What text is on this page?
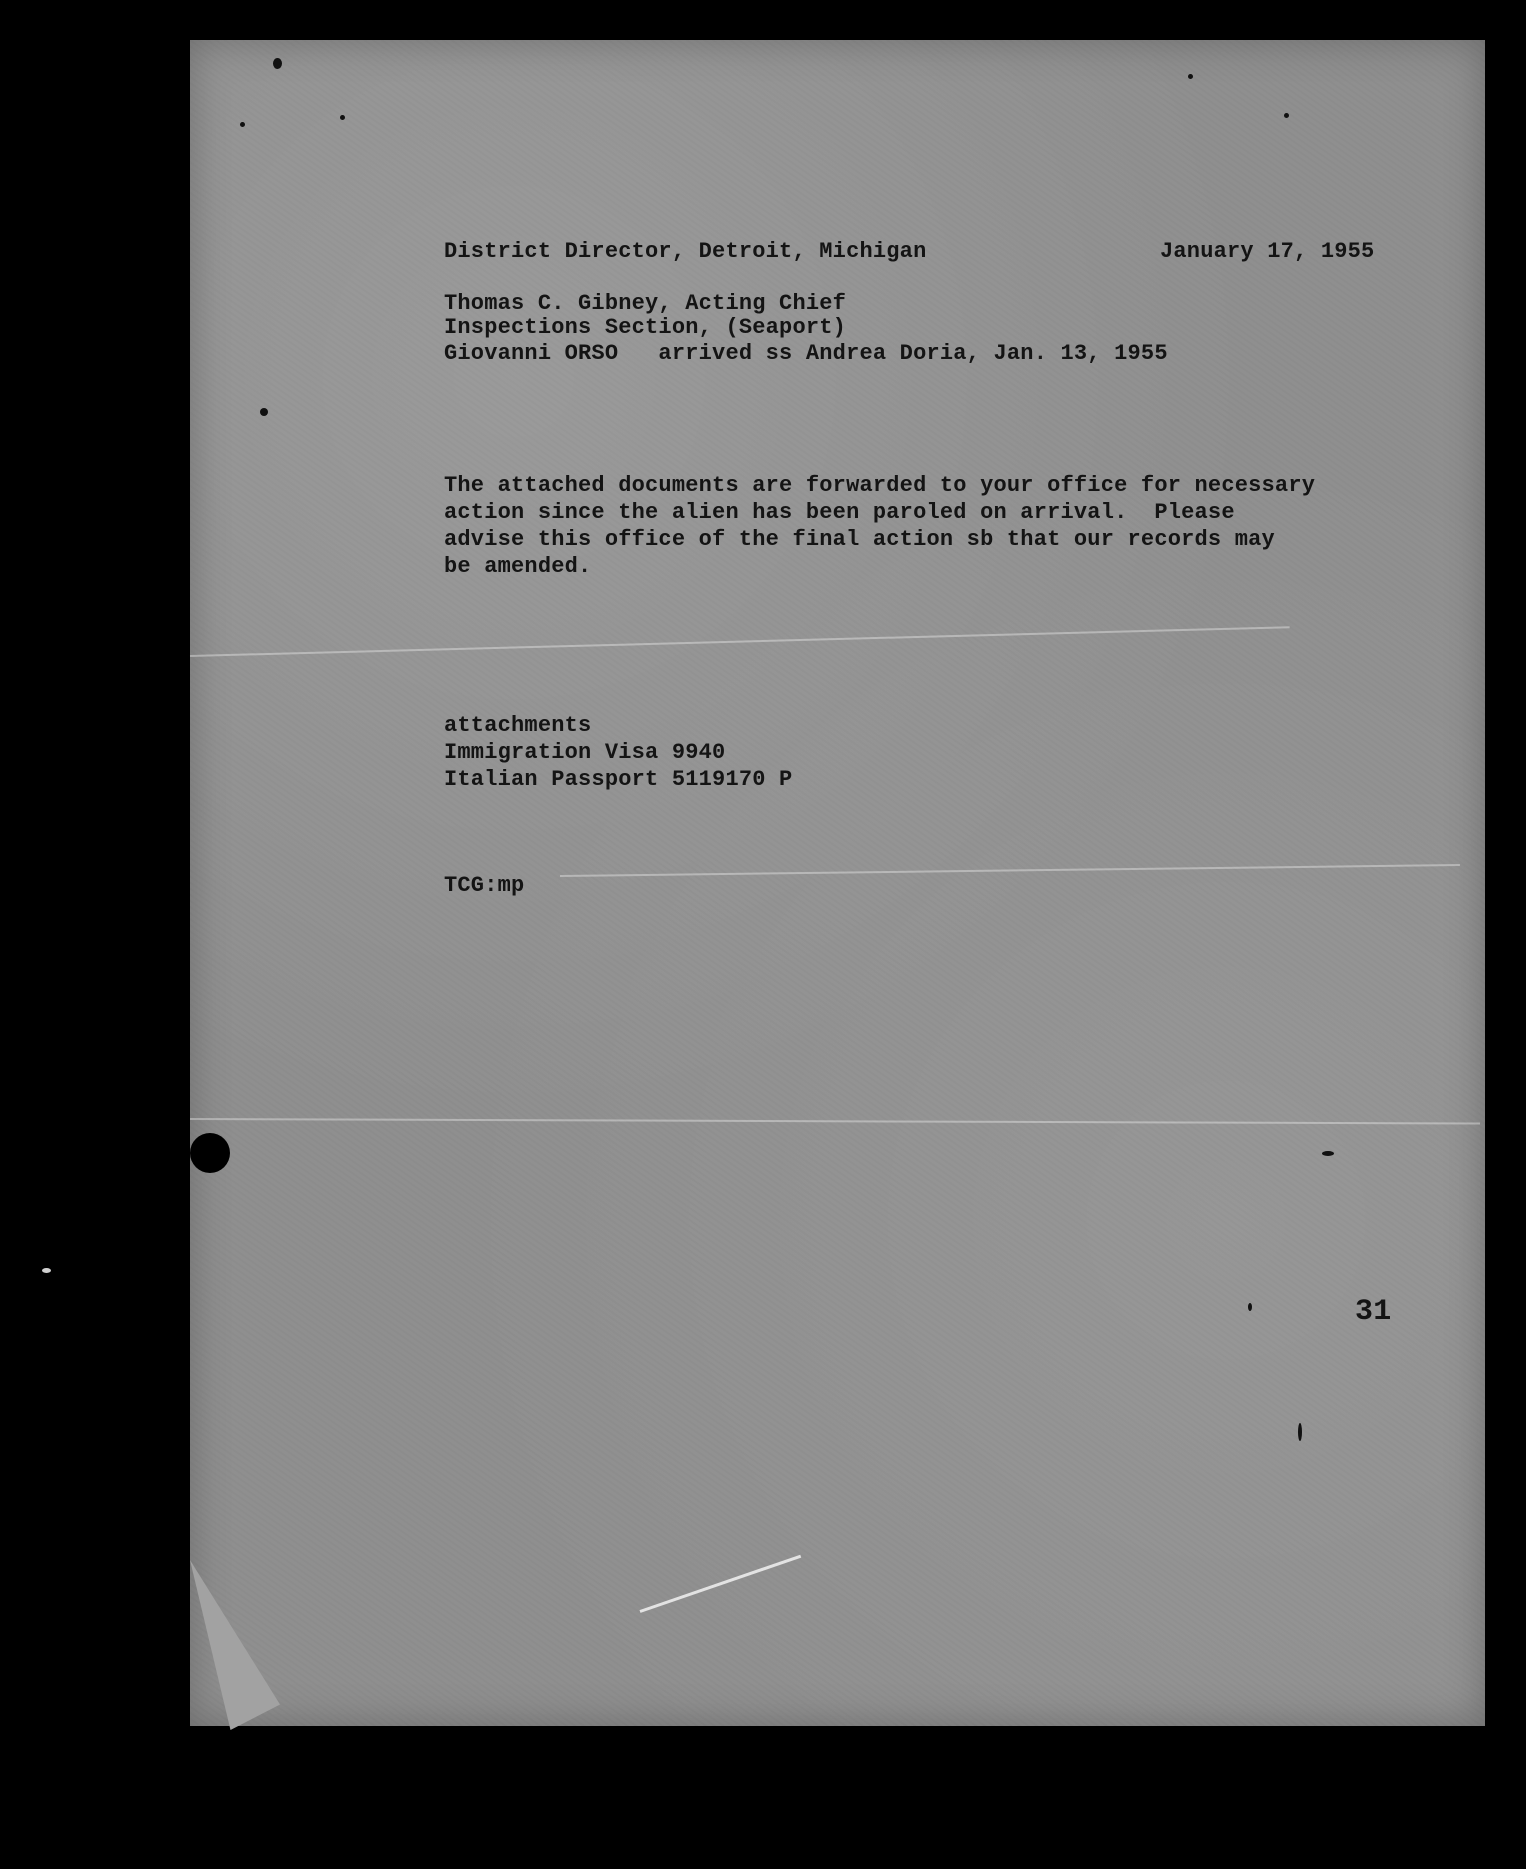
District Director, Detroit, Michigan	January 17, 1955
Thomas C. Gibney, Acting Chief
Inspections Section, (Seaport)
Giovanni ORSO   arrived ss Andrea Doria, Jan. 13, 1955
The attached documents are forwarded to your office for necessary
action since the alien has been paroled on arrival.  Please
advise this office of the final action sb that our records may
be amended.
attachments
Immigration Visa 9940
Italian Passport 5119170 P
TCG:mp
31
